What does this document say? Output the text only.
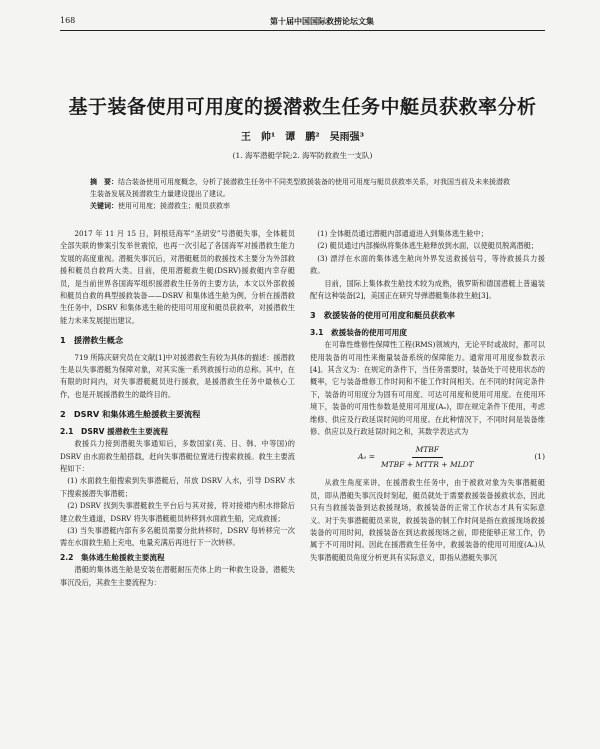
168	第十届中国国际救捞论坛文集
基于装备使用可用度的援潜救生任务中艇员获救率分析
王　帅¹　谭　鹏²　吴雨强³
(1. 海军潜艇学院;2. 海军防救救生一支队)
摘　要：结合装备使用可用度概念，分析了援潜救生任务中不同类型救援装备的使用可用度与艇员获救率关系，对我国当前及未来援潜救生装备发展及援潜救生力量建设提出了建议。
关键词：使用可用度；援潜救生；艇员获救率

2017 年 11 月 15 日，阿根廷海军“圣胡安”号潜艇失事，全体艇员全部失联的惨案引发举世震惊，也再一次引起了各国海军对援潜救生能力发展的高度重视。潜艇失事沉后，对潜艇艇员的救援技术主要分为外部救援和艇员自救两大类。目前，使用潜艇救生艇(DSRV)援救艇内幸存艇员，是当前世界各国海军组织援潜救生任务的主要方法，本文以外部救援和艇员自救的典型援救装备——DSRV 和集体逃生舱为例，分析在援潜救生任务中，DSRV 和集体逃生舱的使用可用度和艇员获救率，对援潜救生能力未来发展提出建议。

1　援潜救生概念

719 所陈庆研究员在文献[1]中对援潜救生有较为具体的描述：援潜救生是以失事潜艇为保障对象，对其实施一系列救援行动的总称。其中，在有限的时间内，对失事潜艇艇员进行援救，是援潜救生任务中最核心工作，也是开展援潜救生的最终目的。

2　DSRV 和集体逃生舱援救主要流程
2.1　DSRV 援潜救生主要流程

救援兵力接到潜艇失事通知后，多数国家(英、日、韩、中等国)的 DSRV 由水面救生船搭载，赶向失事潜艇位置进行搜索救援。救生主要流程如下：

(1) 水面救生船搜索到失事潜艇后，吊放 DSRV 入水，引导 DSRV 水下搜索援潜失事潜艇；

(2) DSRV 找到失事潜艇救生平台后与其对接，将对接裙内积水排除后建立救生通道，DSRV 将失事潜艇艇员转移到水面救生船，完成救援；

(3) 当失事潜艇内部有多名艇员需要分批转移时，DSRV 每转移完一次需在水面救生船上充电，电量充满后再进行下一次转移。

2.2　集体逃生舱援救主要流程

潜艇的集体逃生舱是安装在潜艇耐压壳体上的一种救生设备，潜艇失事沉没后，其救生主要流程为：

(1) 全体艇员通过潜艇内部通道进入到集体逃生舱中；

(2) 艇员通过内部操纵将集体逃生舱释放到水面，以使艇员脱离潜艇；

(3) 漂浮在水面的集体逃生舱向外界发送救援信号，等待救援兵力援救。

目前，国际上集体救生舱技术较为成熟，俄罗斯和德国潜艇上普遍装配有这种装备[2]，美国正在研究导弹潜艇集体救生舱[3]。

3　救援装备的使用可用度和艇员获救率
3.1　救援装备的使用可用度

在可靠性维修性保障性工程(RMS)领域内，无论平时或战时，都可以使用装备的可用性来衡量装备系统的保障能力。通常用可用度参数表示[4]。其含义为：在规定的条件下，当任务需要时，装备处于可使用状态的概率，它与装备维修工作时间和不能工作时间相关。在不同的时间定条件下，装备的可用度分为固有可用度、可达可用度和使用可用度。在使用环境下，装备的可用性参数是使用可用度(Aₒ)，即在规定条件下使用，考虑维修、供应及行政延误时间的可用度。在此种情况下，不同时间是装备维修、供应以及行政延误时间之和，其数学表达式为

$A_o = \frac{\text{MTBF}}{\text{MTBF + MTTR + MLDT}}$	(1)

从救生角度来讲，在援潜救生任务中，由于被救对象为失事潜艇艇员，即从潜艇失事沉没时刻起，艇员就处于需要救援装备援救状态，因此只有当救援装备到达救援现场，救援装备的正常工作状态才具有实际意义。对于失事潜艇艇员来说，救援装备的制工作时间是指在救援现场救援装备的可用时间，救援装备在到达救援现场之前，即使能够正常工作，仍属于不可用时间。因此在援潜救生任务中，救援装备的使用可用度(Aₒ)从失事潜艇艇员角度分析更具有实际意义，即指从潜艇失事沉
